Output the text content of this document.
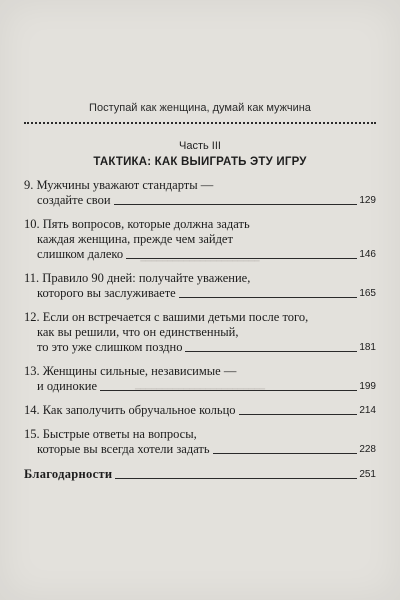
━━━━━━━━━━━━━━━━━━━━━━
━━━━━━━━━━━━━━━━━━━━━━━━
Поступай как женщина, думай как мужчина
Часть III
ТАКТИКА: КАК ВЫИГРАТЬ ЭТУ ИГРУ
9. Мужчины уважают стандарты —
создайте свои	129
10. Пять вопросов, которые должна задать
каждая женщина, прежде чем зайдет
слишком далеко	146
11. Правило 90 дней: получайте уважение,
которого вы заслуживаете	165
12. Если он встречается с вашими детьми после того,
как вы решили, что он единственный,
то это уже слишком поздно	181
13. Женщины сильные, независимые —
и одинокие	199
14. Как заполучить обручальное кольцо	214
15. Быстрые ответы на вопросы,
которые вы всегда хотели задать	228
Благодарности	251
